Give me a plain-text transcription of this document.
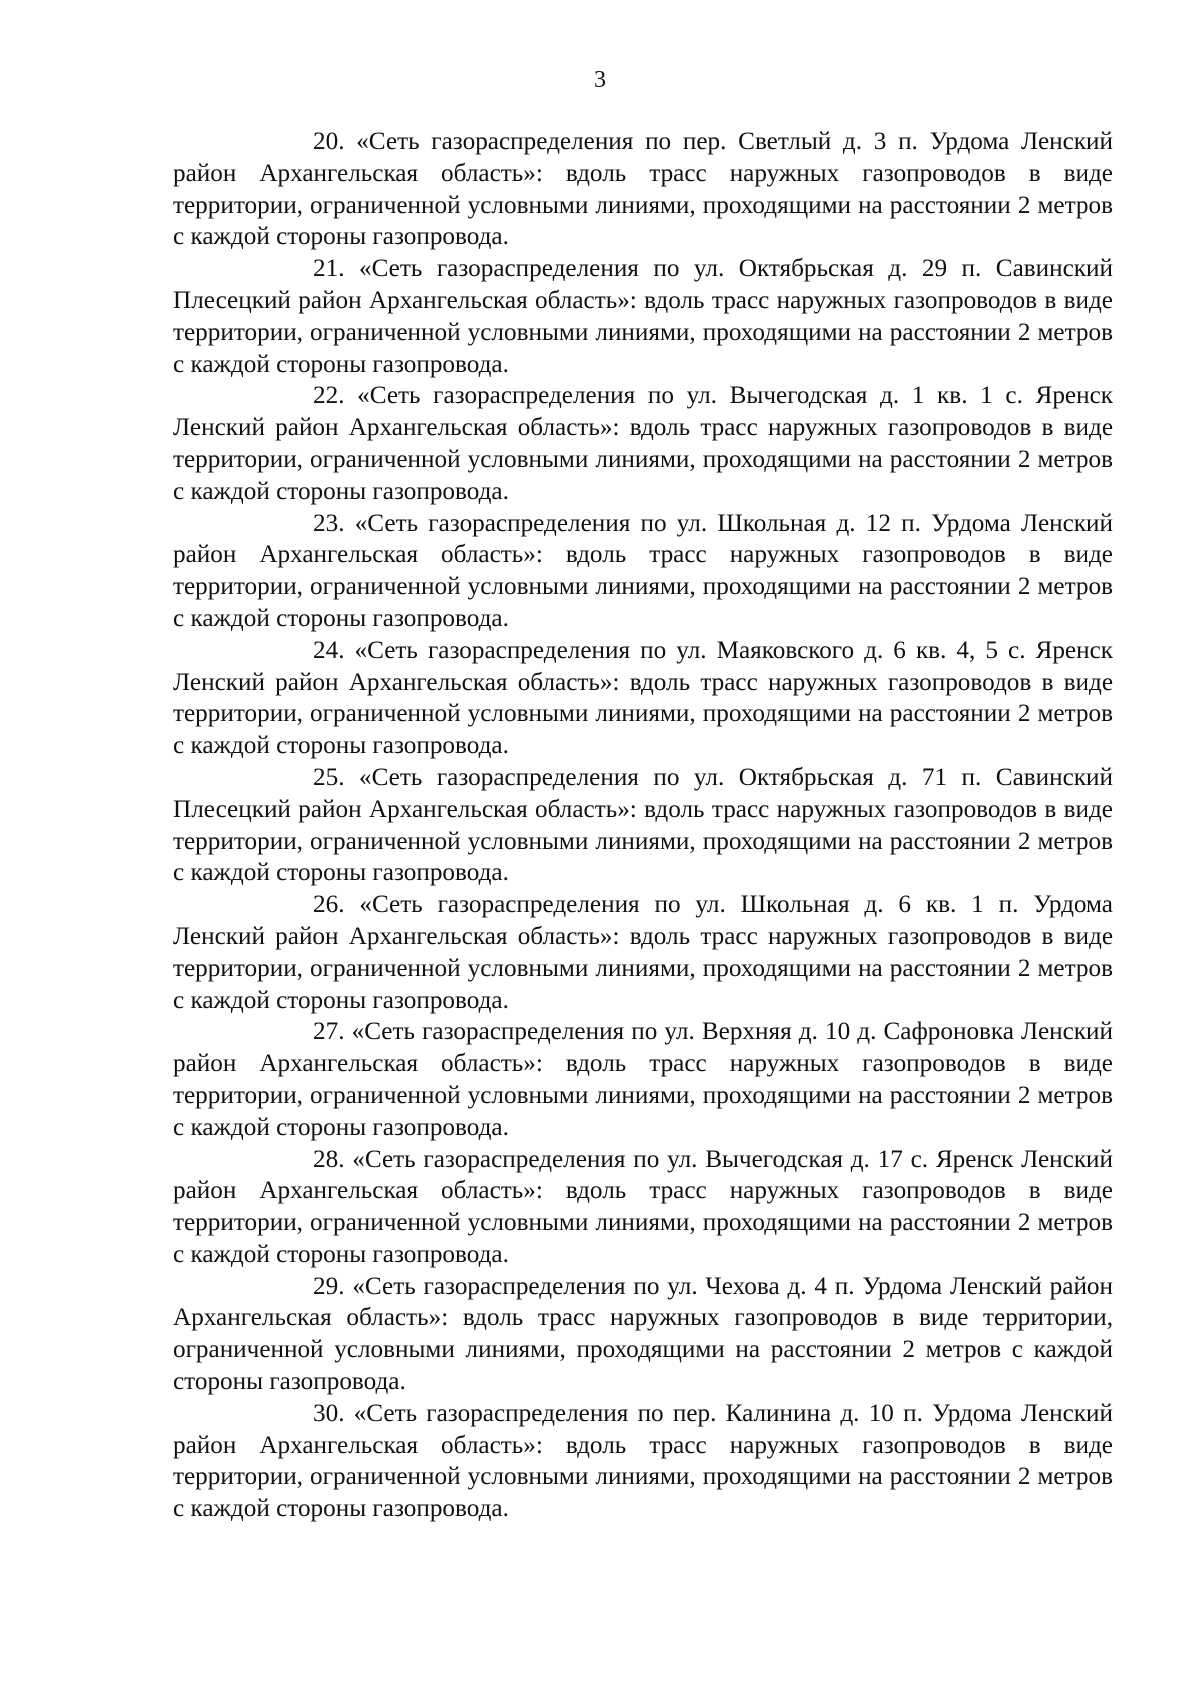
3

20. «Сеть газораспределения по пер. Светлый д. 3 п. Урдома Ленский район Архангельская область»: вдоль трасс наружных газопроводов в виде территории, ограниченной условными линиями, проходящими на расстоянии 2 метров с каждой стороны газопровода.

21. «Сеть газораспределения по ул. Октябрьская д. 29 п. Савинский Плесецкий район Архангельская область»: вдоль трасс наружных газопроводов в виде территории, ограниченной условными линиями, проходящими на расстоянии 2 метров с каждой стороны газопровода.

22. «Сеть газораспределения по ул. Вычегодская д. 1 кв. 1 с. Яренск Ленский район Архангельская область»: вдоль трасс наружных газопроводов в виде территории, ограниченной условными линиями, проходящими на расстоянии 2 метров с каждой стороны газопровода.

23. «Сеть газораспределения по ул. Школьная д. 12 п. Урдома Ленский район Архангельская область»: вдоль трасс наружных газопроводов в виде территории, ограниченной условными линиями, проходящими на расстоянии 2 метров с каждой стороны газопровода.

24. «Сеть газораспределения по ул. Маяковского д. 6 кв. 4, 5 с. Яренск Ленский район Архангельская область»: вдоль трасс наружных газопроводов в виде территории, ограниченной условными линиями, проходящими на расстоянии 2 метров с каждой стороны газопровода.

25. «Сеть газораспределения по ул. Октябрьская д. 71 п. Савинский Плесецкий район Архангельская область»: вдоль трасс наружных газопроводов в виде территории, ограниченной условными линиями, проходящими на расстоянии 2 метров с каждой стороны газопровода.

26. «Сеть газораспределения по ул. Школьная д. 6 кв. 1 п. Урдома Ленский район Архангельская область»: вдоль трасс наружных газопроводов в виде территории, ограниченной условными линиями, проходящими на расстоянии 2 метров с каждой стороны газопровода.

27. «Сеть газораспределения по ул. Верхняя д. 10 д. Сафроновка Ленский район Архангельская область»: вдоль трасс наружных газопроводов в виде территории, ограниченной условными линиями, проходящими на расстоянии 2 метров с каждой стороны газопровода.

28. «Сеть газораспределения по ул. Вычегодская д. 17 с. Яренск Ленский район Архангельская область»: вдоль трасс наружных газопроводов в виде территории, ограниченной условными линиями, проходящими на расстоянии 2 метров с каждой стороны газопровода.

29. «Сеть газораспределения по ул. Чехова д. 4 п. Урдома Ленский район Архангельская область»: вдоль трасс наружных газопроводов в виде территории, ограниченной условными линиями, проходящими на расстоянии 2 метров с каждой стороны газопровода.

30. «Сеть газораспределения по пер. Калинина д. 10 п. Урдома Ленский район Архангельская область»: вдоль трасс наружных газопроводов в виде территории, ограниченной условными линиями, проходящими на расстоянии 2 метров с каждой стороны газопровода.
